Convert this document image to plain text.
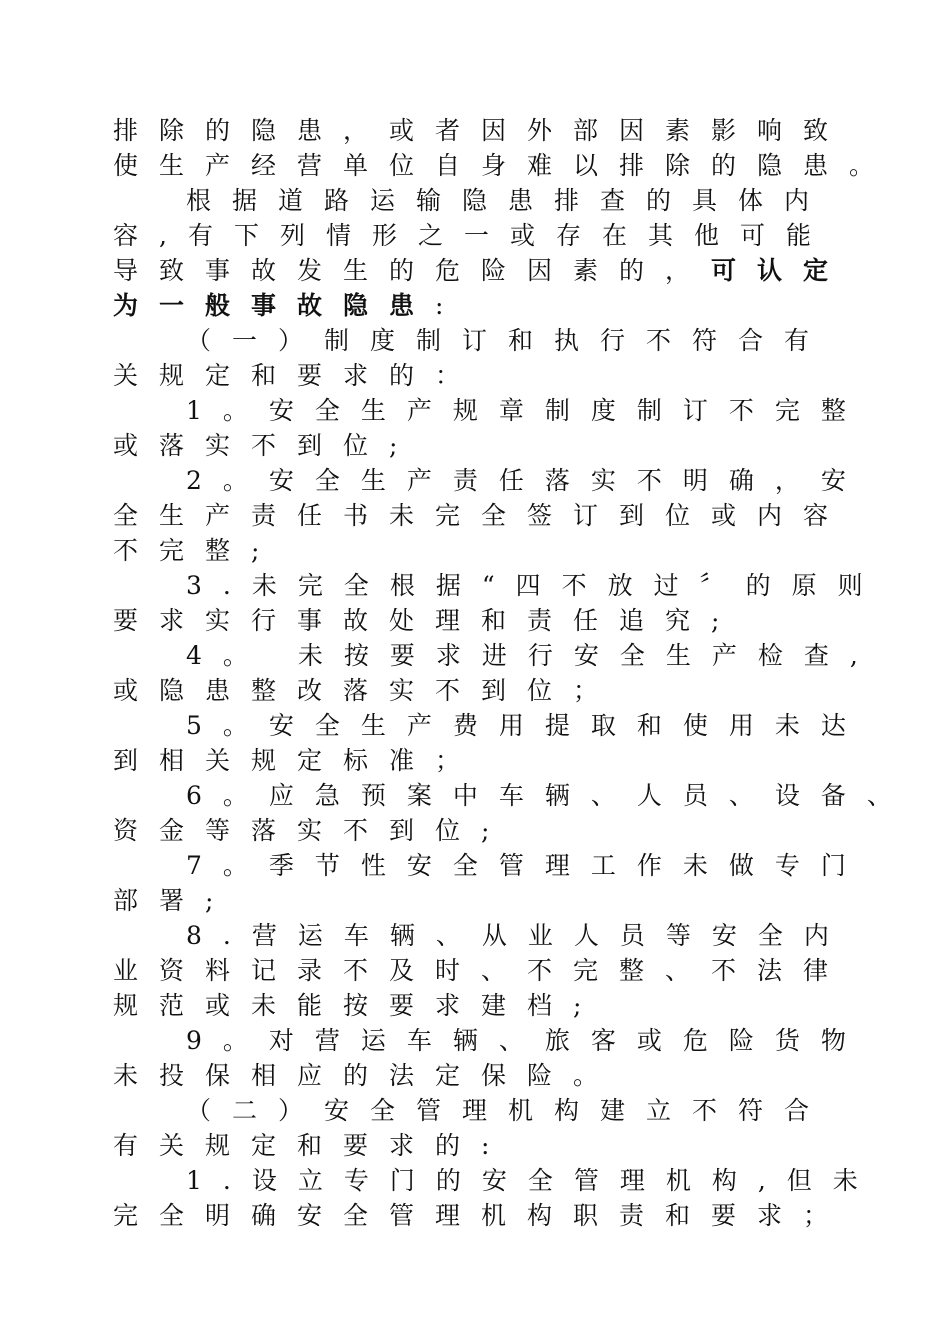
排除的隐患，或者因外部因素影响致
使生产经营单位自身难以排除的隐患。
根据道路运输隐患排查的具体内
容,有下列情形之一或存在其他可能
导致事故发生的危险因素的，可认定
为一般事故隐患:
（一）制度制订和执行不符合有
关规定和要求的：
1。安全生产规章制度制订不完整
或落实不到位;
2。安全生产责任落实不明确，安
全生产责任书未完全签订到位或内容
不完整;
3.未完全根据“四不放过〞的原则
要求实行事故处理和责任追究;
4。 未按要求进行安全生产检查,
或隐患整改落实不到位；
5。安全生产费用提取和使用未达
到相关规定标准；
6。应急预案中车辆、人员、设备、
资金等落实不到位;
7。季节性安全管理工作未做专门
部署;
8.营运车辆、从业人员等安全内
业资料记录不及时、不完整、不法律
规范或未能按要求建档;
9。对营运车辆、旅客或危险货物
未投保相应的法定保险。
（二）安全管理机构建立不符合
有关规定和要求的:
1.设立专门的安全管理机构,但未
完全明确安全管理机构职责和要求；
